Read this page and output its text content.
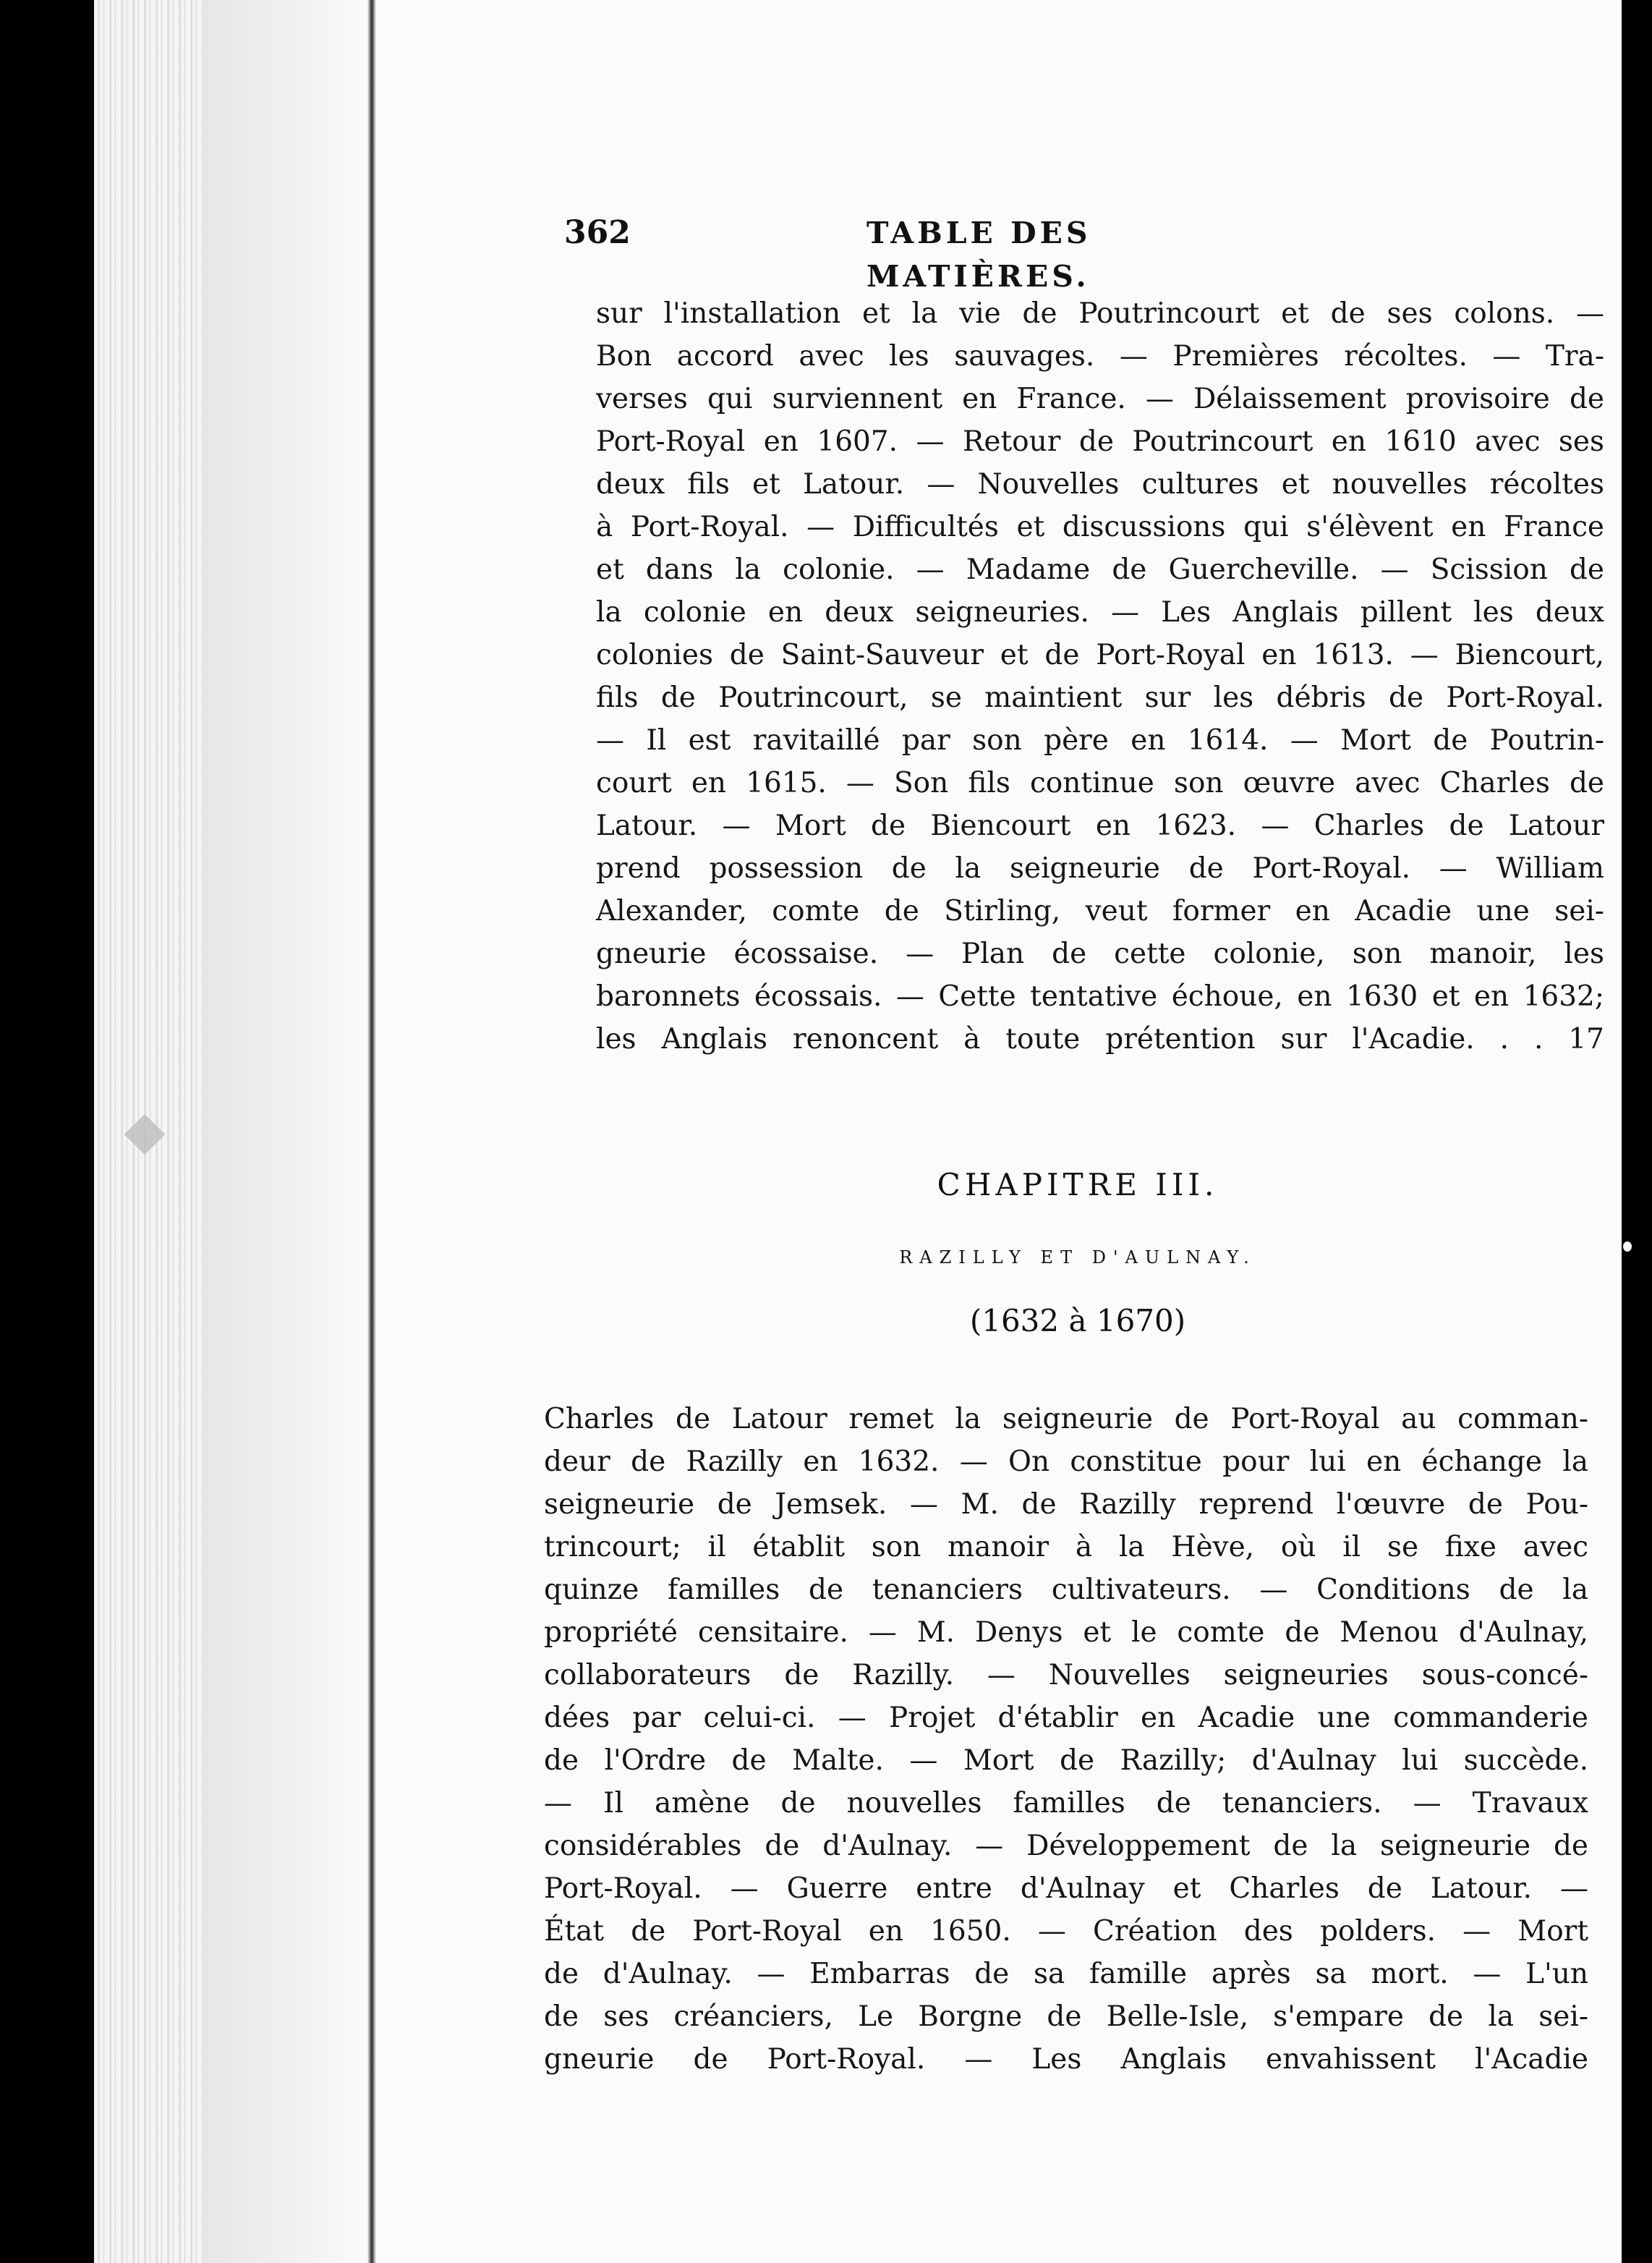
362	TABLE DES MATIÈRES.
sur l'installation et la vie de Poutrincourt et de ses colons. —
Bon accord avec les sauvages. — Premières récoltes. — Tra-
verses qui surviennent en France. — Délaissement provisoire de
Port-Royal en 1607. — Retour de Poutrincourt en 1610 avec ses
deux fils et Latour. — Nouvelles cultures et nouvelles récoltes
à Port-Royal. — Difficultés et discussions qui s'élèvent en France
et dans la colonie. — Madame de Guercheville. — Scission de
la colonie en deux seigneuries. — Les Anglais pillent les deux
colonies de Saint-Sauveur et de Port-Royal en 1613. — Biencourt,
fils de Poutrincourt, se maintient sur les débris de Port-Royal.
— Il est ravitaillé par son père en 1614. — Mort de Poutrin-
court en 1615. — Son fils continue son œuvre avec Charles de
Latour. — Mort de Biencourt en 1623. — Charles de Latour
prend possession de la seigneurie de Port-Royal. — William
Alexander, comte de Stirling, veut former en Acadie une sei-
gneurie écossaise. — Plan de cette colonie, son manoir, les
baronnets écossais. — Cette tentative échoue, en 1630 et en 1632;
les Anglais renoncent à toute prétention sur l'Acadie. . . 17
CHAPITRE III.
RAZILLY ET D'AULNAY.
(1632 à 1670)
Charles de Latour remet la seigneurie de Port-Royal au comman-
deur de Razilly en 1632. — On constitue pour lui en échange la
seigneurie de Jemsek. — M. de Razilly reprend l'œuvre de Pou-
trincourt; il établit son manoir à la Hève, où il se fixe avec
quinze familles de tenanciers cultivateurs. — Conditions de la
propriété censitaire. — M. Denys et le comte de Menou d'Aulnay,
collaborateurs de Razilly. — Nouvelles seigneuries sous-concé-
dées par celui-ci. — Projet d'établir en Acadie une commanderie
de l'Ordre de Malte. — Mort de Razilly; d'Aulnay lui succède.
— Il amène de nouvelles familles de tenanciers. — Travaux
considérables de d'Aulnay. — Développement de la seigneurie de
Port-Royal. — Guerre entre d'Aulnay et Charles de Latour. —
État de Port-Royal en 1650. — Création des polders. — Mort
de d'Aulnay. — Embarras de sa famille après sa mort. — L'un
de ses créanciers, Le Borgne de Belle-Isle, s'empare de la sei-
gneurie de Port-Royal. — Les Anglais envahissent l'Acadie
